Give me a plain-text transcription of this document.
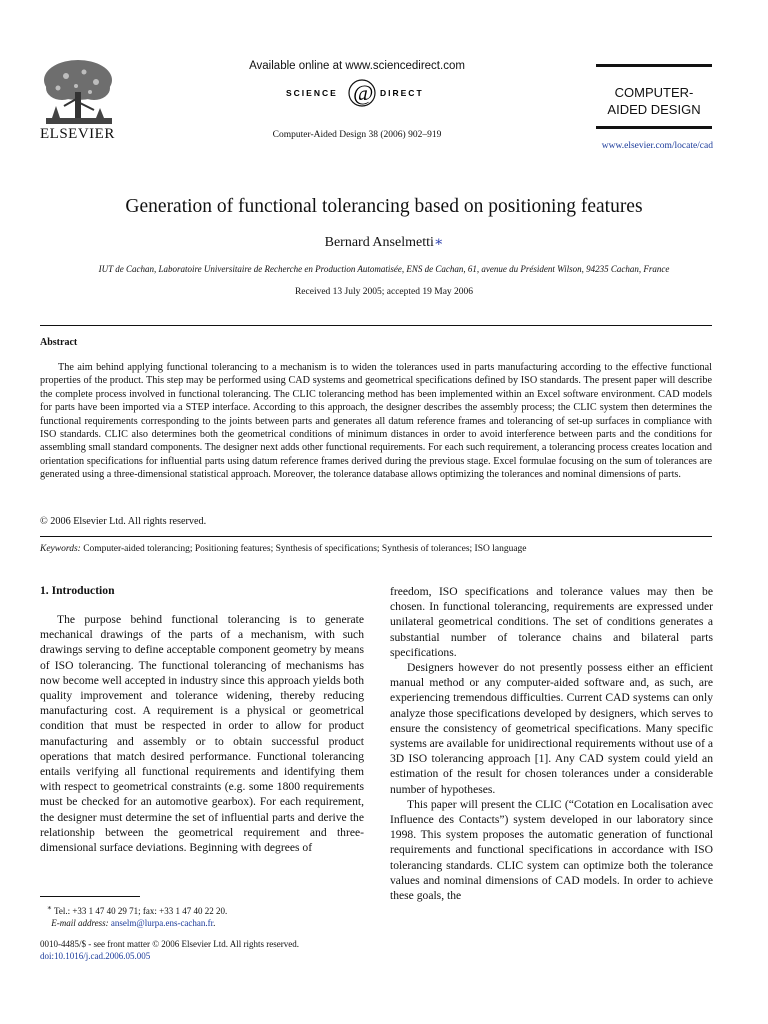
ELSEVIER
Available online at www.sciencedirect.com
SCIENCE @ DIRECT
Computer-Aided Design 38 (2006) 902–919
COMPUTER-AIDED DESIGN
www.elsevier.com/locate/cad
Generation of functional tolerancing based on positioning features
Bernard Anselmetti∗
IUT de Cachan, Laboratoire Universitaire de Recherche en Production Automatisée, ENS de Cachan, 61, avenue du Président Wilson, 94235 Cachan, France
Received 13 July 2005; accepted 19 May 2006
Abstract

The aim behind applying functional tolerancing to a mechanism is to widen the tolerances used in parts manufacturing according to the effective functional properties of the product. This step may be performed using CAD systems and geometrical specifications defined by ISO standards. The present paper will describe the complete process involved in functional tolerancing. The CLIC tolerancing method has been implemented within an Excel software environment. CAD models for parts have been imported via a STEP interface. According to this approach, the designer describes the assembly process; the CLIC system then determines the functional requirements corresponding to the joints between parts and generates all datum reference frames and tolerancing of set-up surfaces in compliance with ISO standards. CLIC also determines both the geometrical conditions of minimum distances in order to avoid interference between parts and the conditions for assembling small standard components. The designer next adds other functional requirements. For each such requirement, a tolerancing process creates location and orientation specifications for influential parts using datum reference frames derived during the previous stage. Excel formulae focusing on the sum of tolerances are generated using a three-dimensional statistical approach. Moreover, the tolerance database allows optimizing the tolerances and nominal dimensions of parts.

© 2006 Elsevier Ltd. All rights reserved.
Keywords: Computer-aided tolerancing; Positioning features; Synthesis of specifications; Synthesis of tolerances; ISO language
1. Introduction

The purpose behind functional tolerancing is to generate mechanical drawings of the parts of a mechanism, with such drawings serving to define acceptable component geometry by means of ISO tolerancing. The functional tolerancing of mechanisms has now become well accepted in industry since this approach yields both quality improvement and tolerance widening, thereby reducing manufacturing cost. A requirement is a physical or geometrical condition that must be respected in order to allow for product manufacturing and assembly or to obtain successful product operations that match desired performance. Functional tolerancing entails verifying all functional requirements and identifying them with respect to geometrical constraints (e.g. some 1800 requirements must be checked for an automotive gearbox). For each requirement, the designer must determine the set of influential parts and derive the relationship between the geometrical requirement and three-dimensional surface deviations. Beginning with degrees of

freedom, ISO specifications and tolerance values may then be chosen. In functional tolerancing, requirements are expressed under unilateral geometrical conditions. The set of conditions generates a substantial number of tolerance chains and bilateral parts specifications.

Designers however do not presently possess either an efficient manual method or any computer-aided software and, as such, are experiencing tremendous difficulties. Current CAD systems can only analyze those specifications developed by designers, which serves to ensure the consistency of geometrical specifications. Many specific systems are available for unidirectional requirements without use of a 3D ISO tolerancing approach [1]. Any CAD system could yield an estimation of the result for chosen tolerances under a considerable number of hypotheses.

This paper will present the CLIC (“Cotation en Localisation avec Influence des Contacts”) system developed in our laboratory since 1998. This system proposes the automatic generation of functional requirements and functional specifications in accordance with ISO tolerancing standards. CLIC system can optimize both the tolerance values and nominal dimensions of CAD models. In order to achieve these goals, the

∗ Tel.: +33 1 47 40 29 71; fax: +33 1 47 40 22 20.
E-mail address: anselm@lurpa.ens-cachan.fr.
0010-4485/$ - see front matter © 2006 Elsevier Ltd. All rights reserved.
doi:10.1016/j.cad.2006.05.005
